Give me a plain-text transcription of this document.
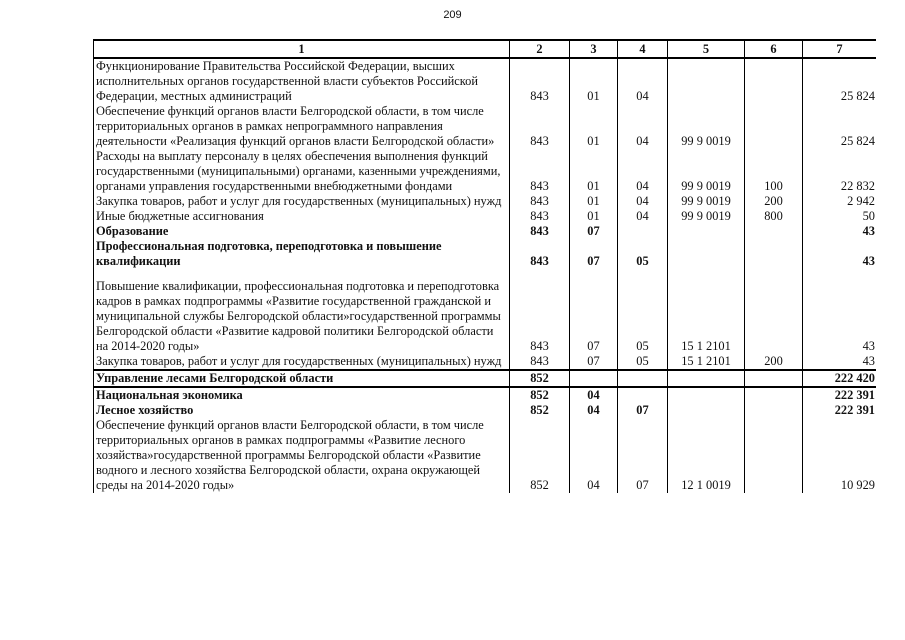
209
1	2	3	4	5	6	7
Функционирование Правительства Российской Федерации, высших исполнительных органов государственной власти субъектов Российской Федерации, местных администраций	843	01	04			25 824
Обеспечение функций органов власти Белгородской области, в том числе территориальных органов в рамках непрограммного направления деятельности «Реализация функций органов власти Белгородской области»	843	01	04	99 9 0019		25 824
Расходы на выплату персоналу в целях обеспечения выполнения функций государственными (муниципальными) органами, казенными учреждениями, органами управления государственными внебюджетными фондами	843	01	04	99 9 0019	100	22 832
Закупка товаров, работ и услуг для государственных (муниципальных) нужд	843	01	04	99 9 0019	200	2 942
Иные бюджетные ассигнования	843	01	04	99 9 0019	800	50
Образование	843	07				43
Профессиональная подготовка, переподготовка и повышение квалификации	843	07	05			43
Повышение квалификации, профессиональная подготовка и переподготовка кадров в рамках подпрограммы «Развитие государственной гражданской и муниципальной службы Белгородской области»государственной программы Белгородской области «Развитие кадровой политики Белгородской области на 2014-2020 годы»	843	07	05	15 1 2101		43
Закупка товаров, работ и услуг для государственных (муниципальных) нужд	843	07	05	15 1 2101	200	43
Управление лесами Белгородской области	852					222 420
Национальная экономика	852	04				222 391
Лесное хозяйство	852	04	07			222 391
Обеспечение функций органов власти Белгородской области, в том числе территориальных органов в рамках подпрограммы «Развитие лесного хозяйства»государственной программы Белгородской области «Развитие водного и лесного хозяйства Белгородской области, охрана окружающей среды на 2014-2020 годы»	852	04	07	12 1 0019		10 929
